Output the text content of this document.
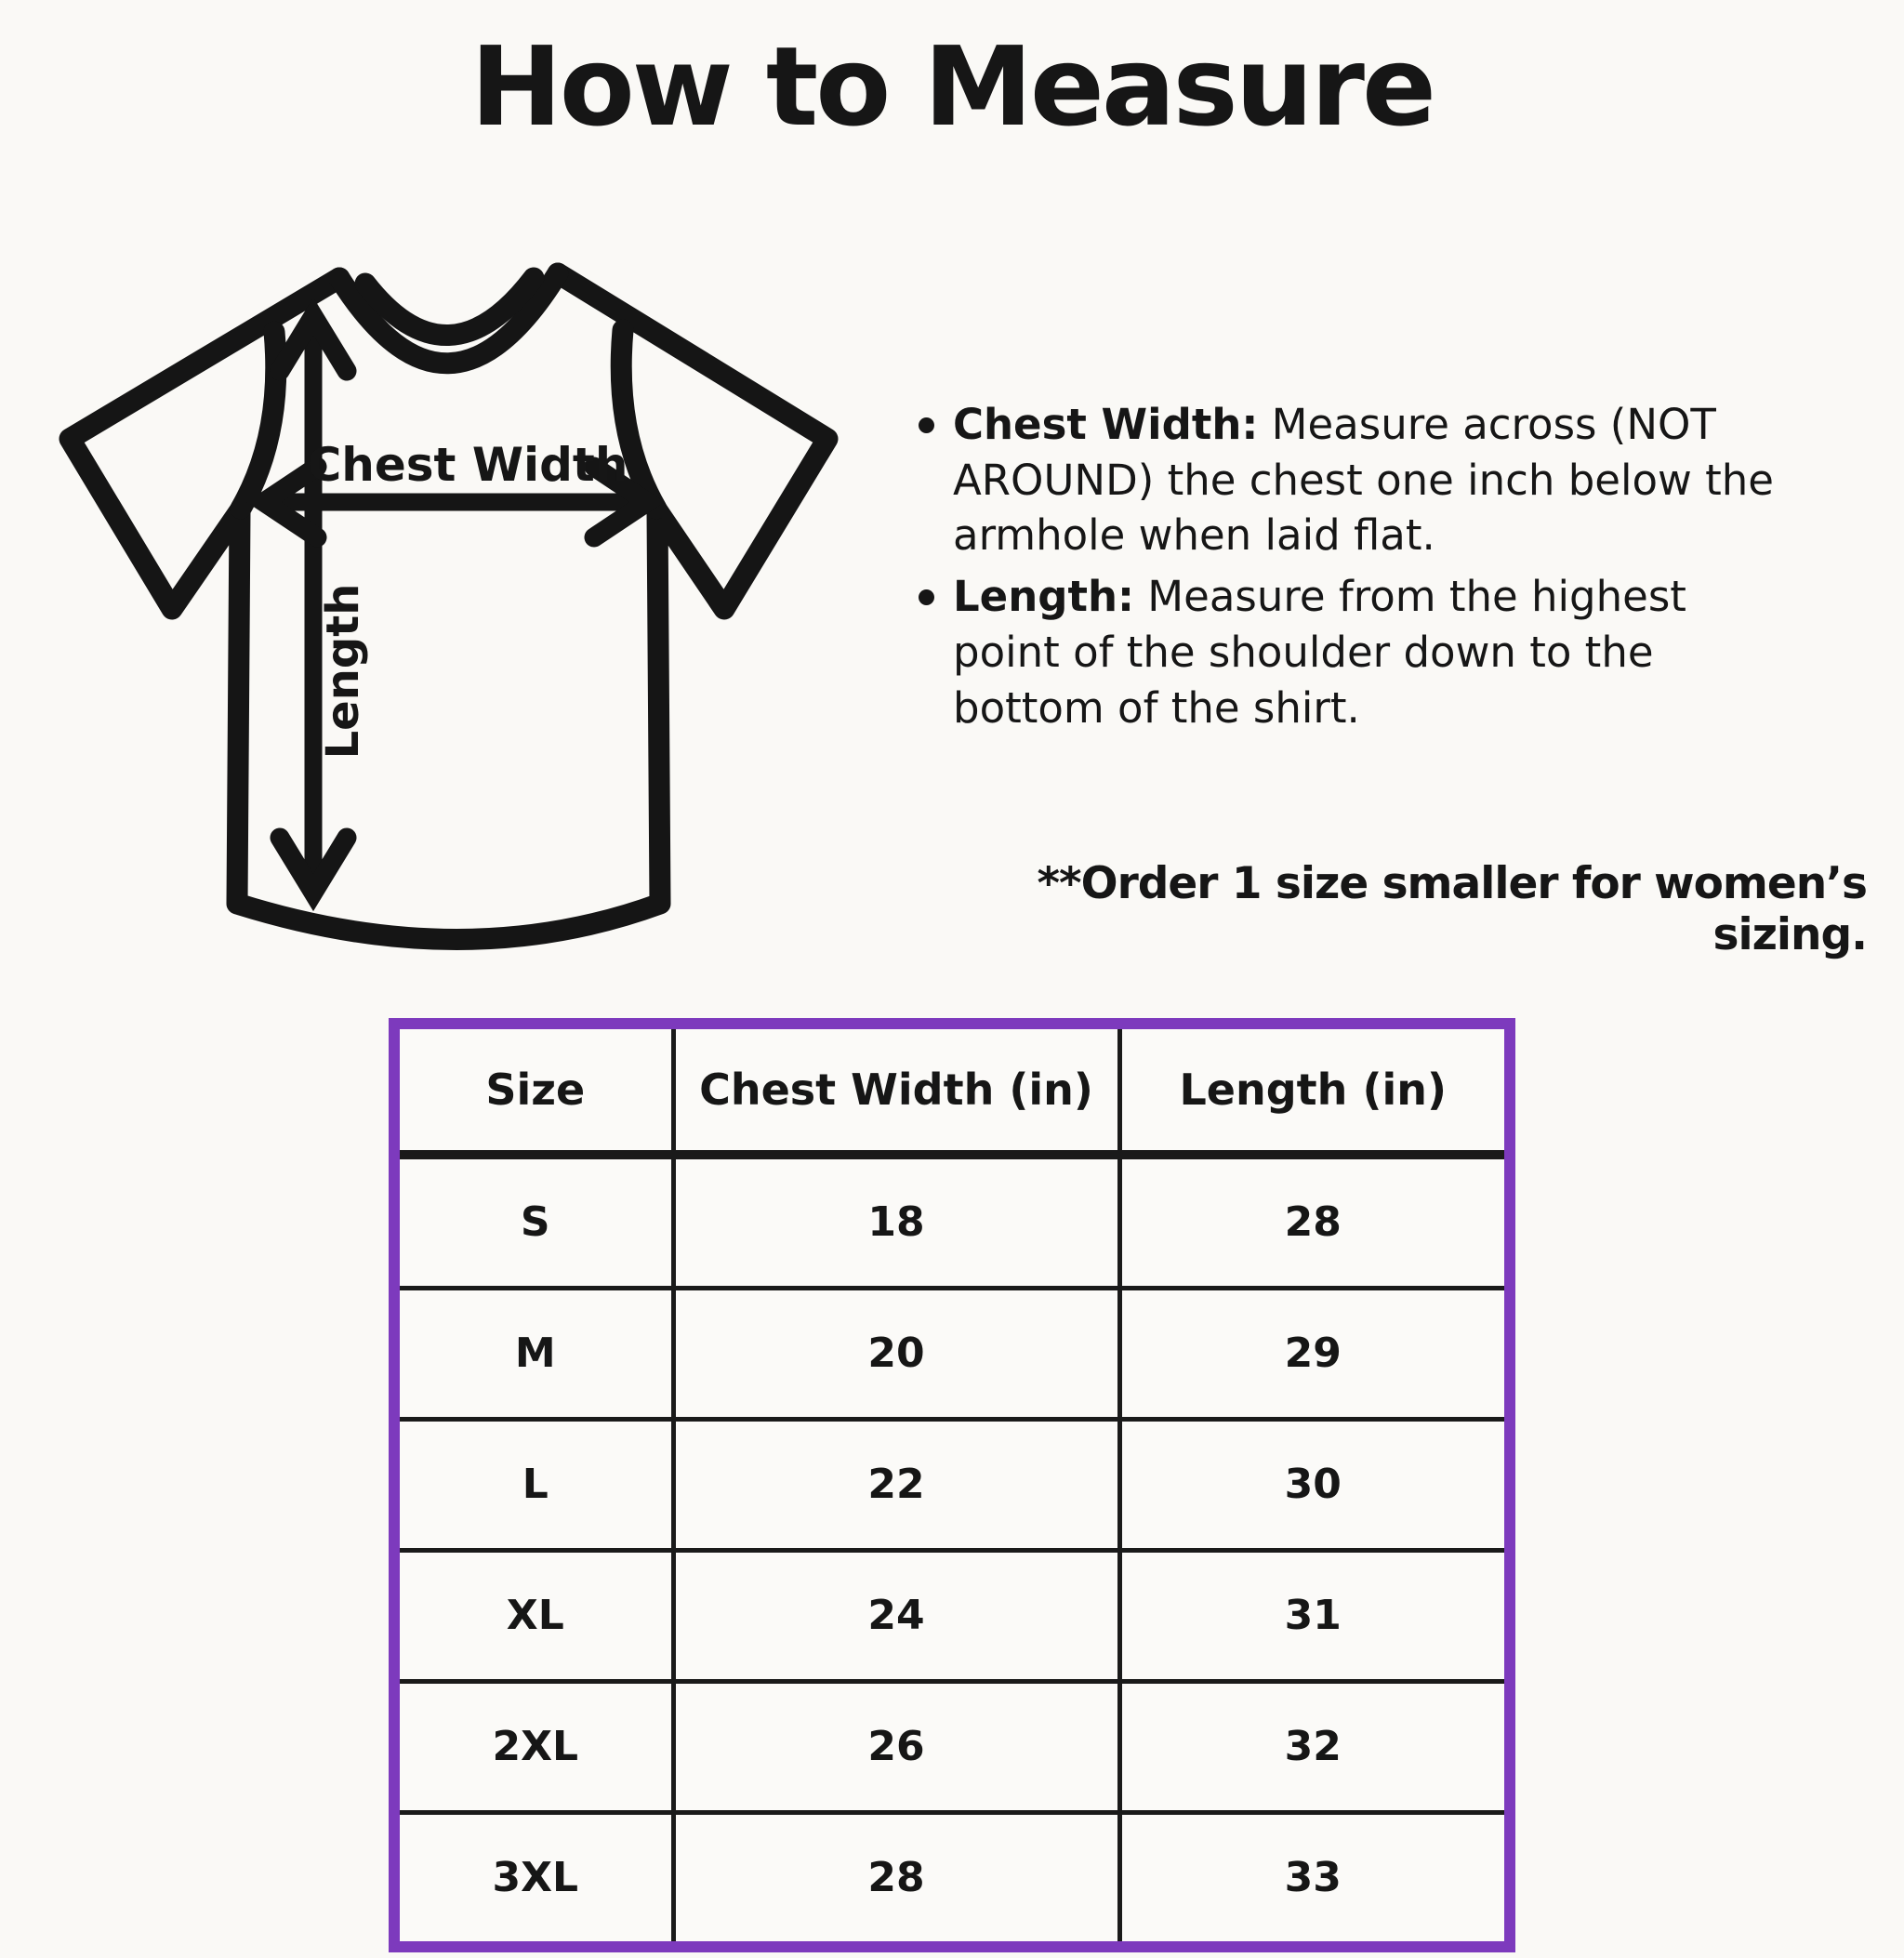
How to Measure
Chest Width
Length

Chest Width: Measure across (NOT AROUND) the chest one inch below the armhole when laid flat.

Length: Measure from the highest point of the shoulder down to the bottom of the shirt.

**Order 1 size smaller for women’s sizing.
Size	Chest Width (in)	Length (in)
S	18	28
M	20	29
L	22	30
XL	24	31
2XL	26	32
3XL	28	33
